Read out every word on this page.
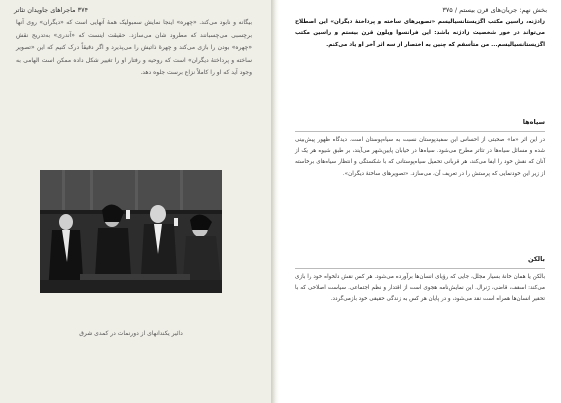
۳۷۴ ماجراهای جاویدان تئاتر

بیگانه و نابود می‌کند. «چهره» اینجا نمایش سمبولیک همهٔ آنهایی است که «دیگران» روی آنها برچسبی می‌چسبانند که مطرود شان می‌سازد. حقیقت اینست که «آندری» به‌تدریج نقش «چهره» بودن را بازی می‌کند و چهرهٔ ذاتیش را می‌پذیرد و اگر دقیقاً درک کنیم که این «تصویر ساخته و پرداختهٔ دیگران» است که روحیه و رفتار او را تغییر شکل داده ممکن است الهامی به وجود آید که او را کاملاً نزاع برست جلوه دهد.

دائیر یکندانهای از دورنمات در کمدی شرق
بخش نهم: جریان‌های قرن بیستم / ۳۷۵

زادژنه، راسین مکتب اگزیستانسیالیسم «تصویرهای ساخته و پرداختهٔ دیگران» این اصطلاح می‌تواند در خور شخصیت زادژنه باشد: این فرانسوا ویلون قرن بیستم و راسین مکتب اگزیستانسیالیسم... من متأسفم که چنین به اختصار از سه اثر آخر او یاد می‌کنم.

سیاه‌ها

در این اثر «ما» صحبتی از احساس این سفیدپوستان نسبت به سیاه‌پوستان است. دیدگاه ظهور پیش‌بینی شده و مسائل سیاه‌ها در تئاتر مطرح می‌شود. سیاه‌ها در خیابان پایین‌شهر می‌آیند، بر طبق شیوه هر یک از آنان که نقش خود را ایفا می‌کند، هر قربانی تحمیل سیاه‌پوستانی که با شکستگی و انتظار سیاه‌های برخاسته از زیر این خودنمایی که پرستش را در تعریف آن، می‌سازد. «تصویرهای ساختهٔ دیگران».

بالکن

بالکن یا همان خانهٔ بسیار مجلل، جایی که رؤیای انسان‌ها برآورده می‌شود. هر کس نقش دلخواه خود را بازی می‌کند: اسقف، قاضی، ژنرال. این نمایش‌نامه هجوی است از اقتدار و نظم اجتماعی. سیاست اصلاحی که با تحقیر انسان‌ها همراه است نقد می‌شود، و در پایان هر کس به زندگی حقیقی خود بازمی‌گردد.
